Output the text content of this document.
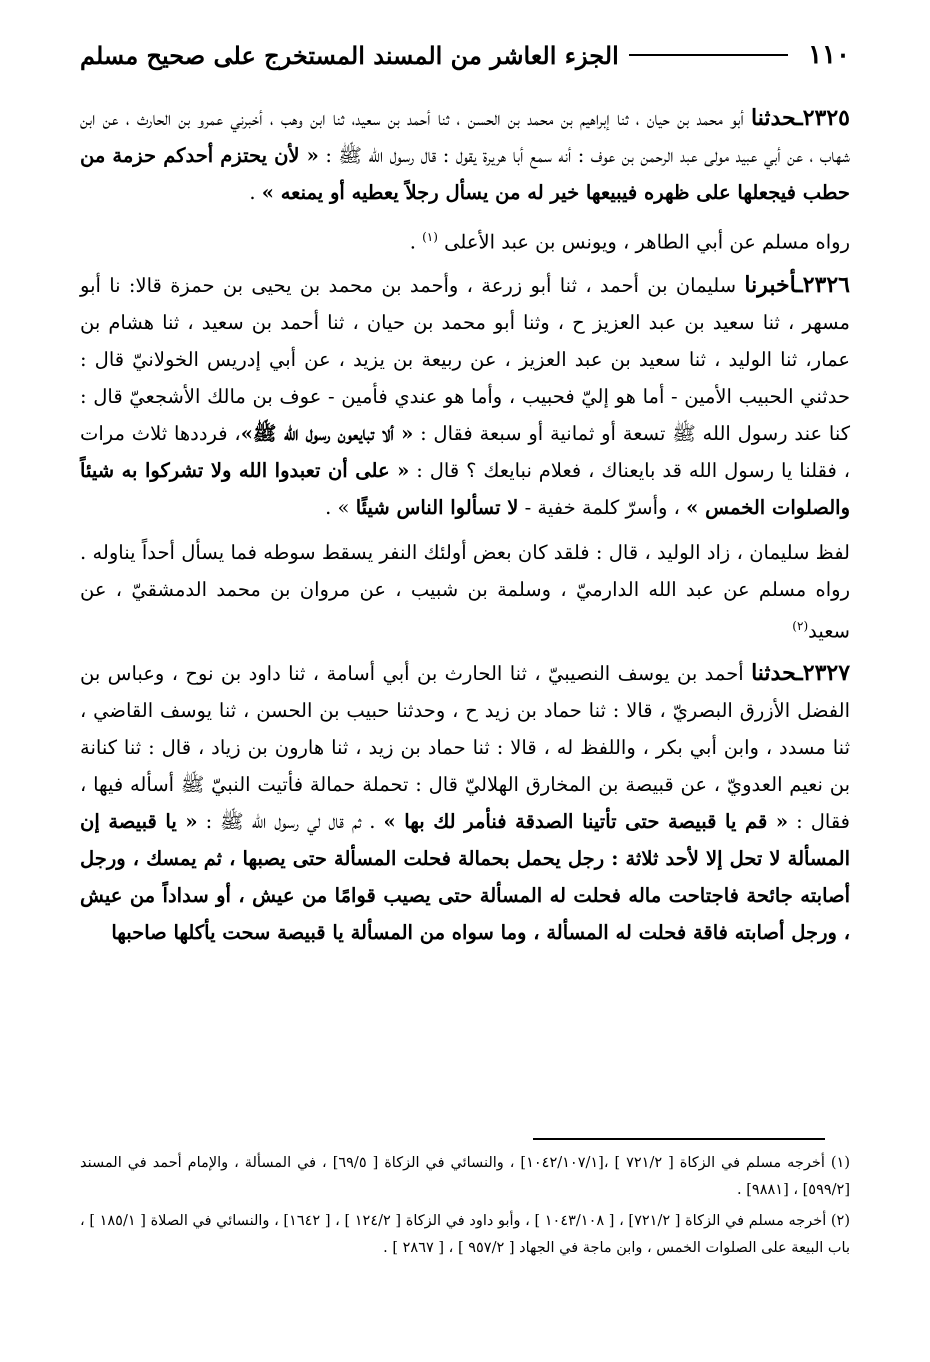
١١٠
الجزء العاشر من المسند المستخرج على صحيح مسلم

٢٣٢٥ـحدثنا أبو محمد بن حيان ، ثنا إبراهيم بن محمد بن الحسن ، ثنا أحمد بن سعيد، ثنا ابن وهب ، أخبرني عمرو بن الحارث ، عن ابن شهاب ، عن أبي عبيد مولى عبد الرحمن بن عوف : أنه سمع أبا هريرة يقول : قال رسول الله ﷺ : « لأن يحتزم أحدكم حزمة من حطب فيجعلها على ظهره فيبيعها خير له من يسأل رجلاً يعطيه أو يمنعه » .

رواه مسلم عن أبي الطاهر ، ويونس بن عبد الأعلى $^{(١)}$ .

٢٣٢٦ـأخبرنا سليمان بن أحمد ، ثنا أبو زرعة ، وأحمد بن محمد بن يحيى بن حمزة قالا: نا أبو مسهر ، ثنا سعيد بن عبد العزيز ح ، وثنا أبو محمد بن حيان ، ثنا أحمد بن سعيد ، ثنا هشام بن عمار، ثنا الوليد ، ثنا سعيد بن عبد العزيز ، عن ربيعة بن يزيد ، عن أبي إدريس الخولانيّ قال : حدثني الحبيب الأمين - أما هو إليّ فحبيب ، وأما هو عندي فأمين - عوف بن مالك الأشجعيّ قال : كنا عند رسول الله ﷺ تسعة أو ثمانية أو سبعة فقال : « ألا تبايعون رسول الله ﷺ»، فرددها ثلاث مرات ، فقلنا يا رسول الله قد بايعناك ، فعلام نبايعك ؟ قال : « على أن تعبدوا الله ولا تشركوا به شيئاً والصلوات الخمس » ، وأسرّ كلمة خفية - لا تسألوا الناس شيئًا » .

لفظ سليمان ، زاد الوليد ، قال : فلقد كان بعض أولئك النفر يسقط سوطه فما يسأل أحداً يناوله . رواه مسلم عن عبد الله الدارميّ ، وسلمة بن شبيب ، عن مروان بن محمد الدمشقيّ ، عن سعيد$^{(٢)}$

٢٣٢٧ـحدثنا أحمد بن يوسف النصيبيّ ، ثنا الحارث بن أبي أسامة ، ثنا داود بن نوح ، وعباس بن الفضل الأزرق البصريّ ، قالا : ثنا حماد بن زيد ح ، وحدثنا حبيب بن الحسن ، ثنا يوسف القاضي ، ثنا مسدد ، وابن أبي بكر ، واللفظ له ، قالا : ثنا حماد بن زيد ، ثنا هارون بن زياد ، قال : ثنا كنانة بن نعيم العدويّ ، عن قبيصة بن المخارق الهلاليّ قال : تحملة حمالة فأتيت النبيّ ﷺ أسأله فيها ، فقال : « قم يا قبيصة حتى تأتينا الصدقة فنأمر لك بها » . ثم قال لي رسول الله ﷺ : « يا قبيصة إن المسألة لا تحل إلا لأحد ثلاثة : رجل يحمل بحمالة فحلت المسألة حتى يصبها ، ثم يمسك ، ورجل أصابته جائحة فاجتاحت ماله فحلت له المسألة حتى يصيب قوامًا من عيش ، أو سداداً من عيش ، ورجل أصابته فاقة فحلت له المسألة ، وما سواه من المسألة يا قبيصة سحت يأكلها صاحبها

(١) أخرجه مسلم في الزكاة [ ٧٢١/٢ ] ،[١٠٤٢/١٠٧/١] ، والنسائي في الزكاة [ ٦٩/٥] ، في المسألة ، والإمام أحمد في المسند [٥٩٩/٢] ، [٩٨٨١] .

(٢) أخرجه مسلم في الزكاة [ ٧٢١/٢] ، [ ١٠٤٣/١٠٨ ] ، وأبو داود في الزكاة [ ١٢٤/٢ ] ، [ ١٦٤٢] ، والنسائي في الصلاة [ ١٨٥/١ ] ، باب البيعة على الصلوات الخمس ، وابن ماجة في الجهاد [ ٩٥٧/٢ ] ، [ ٢٨٦٧ ] .
